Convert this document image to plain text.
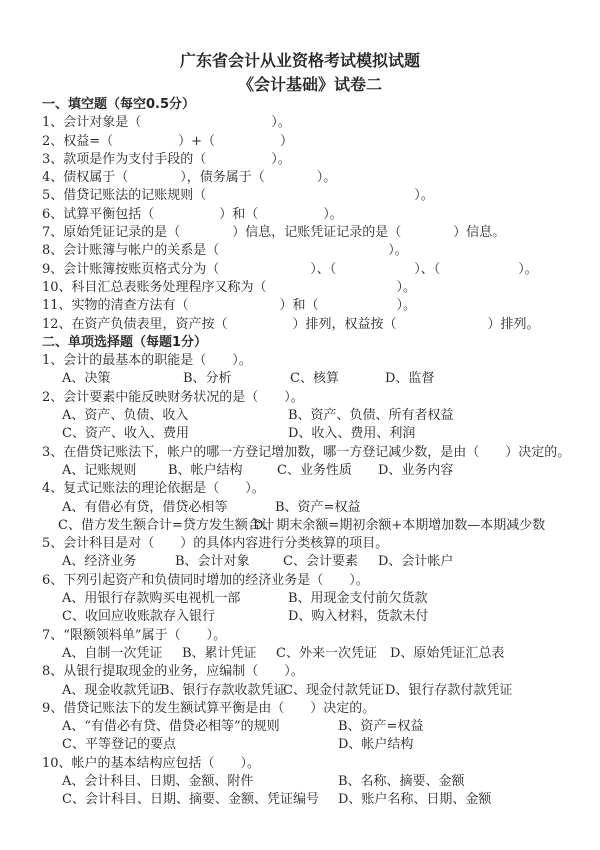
广东省会计从业资格考试模拟试题
《会计基础》试卷二
一、填空题（每空0.5分）
1、会计对象是（　　　　　　　　　　）。
2、权益=（　　　　　）+（　　　　　）
3、款项是作为支付手段的（　　　　　）。
4、债权属于（　　　　），债务属于（　　　　）。
5、借贷记账法的记账规则（　　　　　　　　　　　　　　　　）。
6、试算平衡包括（　　　　　）和（　　　　　）。
7、原始凭证记录的是（　　　　）信息，记账凭证记录的是（　　　　）信息。
8、会计账簿与帐户的关系是（　　　　　　　　　　　　　）。
9、会计账簿按账页格式分为（　　　　　　　）、（　　　　　　）、（　　　　　　）。
10、科目汇总表账务处理程序又称为（　　　　　　　　　　）。
11、实物的清查方法有（　　　　　　　）和（　　　　　　）。
12、在资产负债表里，资产按（　　　　　）排列，权益按（　　　　　　　）排列。
二、单项选择题（每题1分）
1、会计的最基本的职能是（　　）。
A、决策	B、分析	C、核算	D、监督
2、会计要素中能反映财务状况的是（　　）。
A、资产、负债、收入	B、资产、负债、所有者权益
C、资产、收入、费用	D、收入、费用、利润
3、在借贷记账法下，帐户的哪一方登记增加数，哪一方登记减少数，是由（　　）决定的。
A、记账规则 B、帐户结构	C、业务性质 D、业务内容
4、复式记账法的理论依据是（　　）。
A、有借必有贷，借贷必相等	B、资产=权益
C、借方发生额合计=贷方发生额合计
D、期末余额=期初余额+本期增加数—本期减少数
5、会计科目是对（　　）的具体内容进行分类核算的项目。
A、经济业务	B、会计对象	C、会计要素 D、会计帐户
6、下列引起资产和负债同时增加的经济业务是（　　）。
A、用银行存款购买电视机一部	B、用现金支付前欠货款
C、收回应收账款存入银行	D、购入材料，货款未付
7、“限额领料单”属于（　　）。
A、自制一次凭证 B、累计凭证 C、外来一次凭证 D、原始凭证汇总表
8、从银行提取现金的业务，应编制（　　）。
A、现金收款凭证
B、银行存款收款凭证
C、现金付款凭证 D、银行存款付款凭证
9、借贷记账法下的发生额试算平衡是由（　　）决定的。
A、“有借必有贷、借贷必相等”的规则	B、资产=权益
C、平等登记的要点	D、帐户结构
10、帐户的基本结构应包括（　　）。
A、会计科目、日期、金额、附件	B、名称、摘要、金额
C、会计科目、日期、摘要、金额、凭证编号 D、账户名称、日期、金额
